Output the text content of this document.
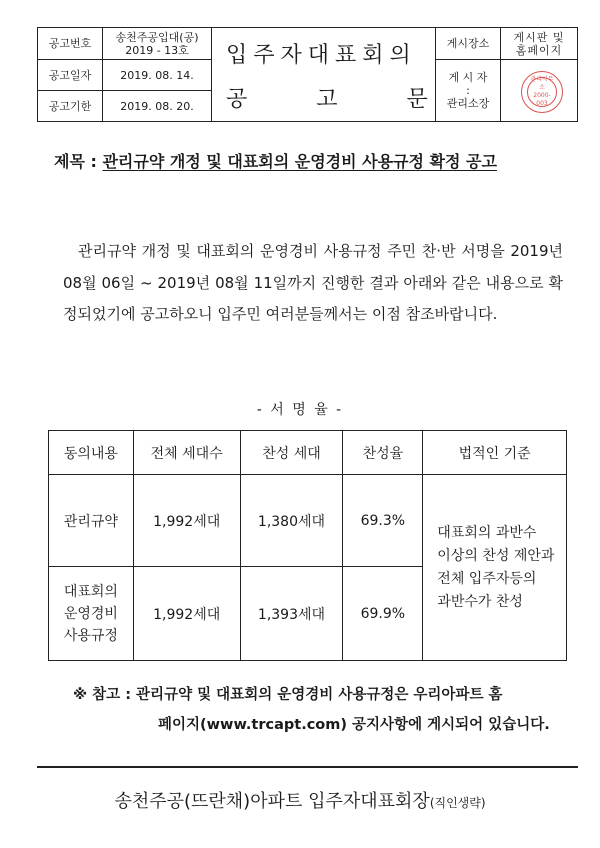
공고번호	송천주공입대(공)
2019 - 13호
공고일자	2019. 08. 14.
공고기한	2019. 08. 20.
입주자대표회의
공 고 문
게시장소	게시판 및
홈페이지
게 시 자
:
관리소장
관리사무소
2000-003
제목 : 관리규약 개정 및 대표회의 운영경비 사용규정 확정 공고
관리규약 개정 및 대표회의 운영경비 사용규정 주민 찬·반 서명을 2019년 08월 06일 ~ 2019년 08월 11일까지 진행한 결과 아래와 같은 내용으로 확정되었기에 공고하오니 입주민 여러분들께서는 이점 참조바랍니다.
- 서 명 율 -
동의내용	전체 세대수	찬성 세대	찬성율	법적인 기준
관리규약	1,992세대	1,380세대	69.3%	대표회의 과반수
이상의 찬성 제안과
전체 입주자등의
과반수가 찬성

대표회의
운영경비
사용규정	1,992세대	1,393세대	69.9%	
※ 참고 : 관리규약 및 대표회의 운영경비 사용규정은 우리아파트 홈
페이지(www.trcapt.com) 공지사항에 게시되어 있습니다.
송천주공(뜨란채)아파트 입주자대표회장(직인생략)
